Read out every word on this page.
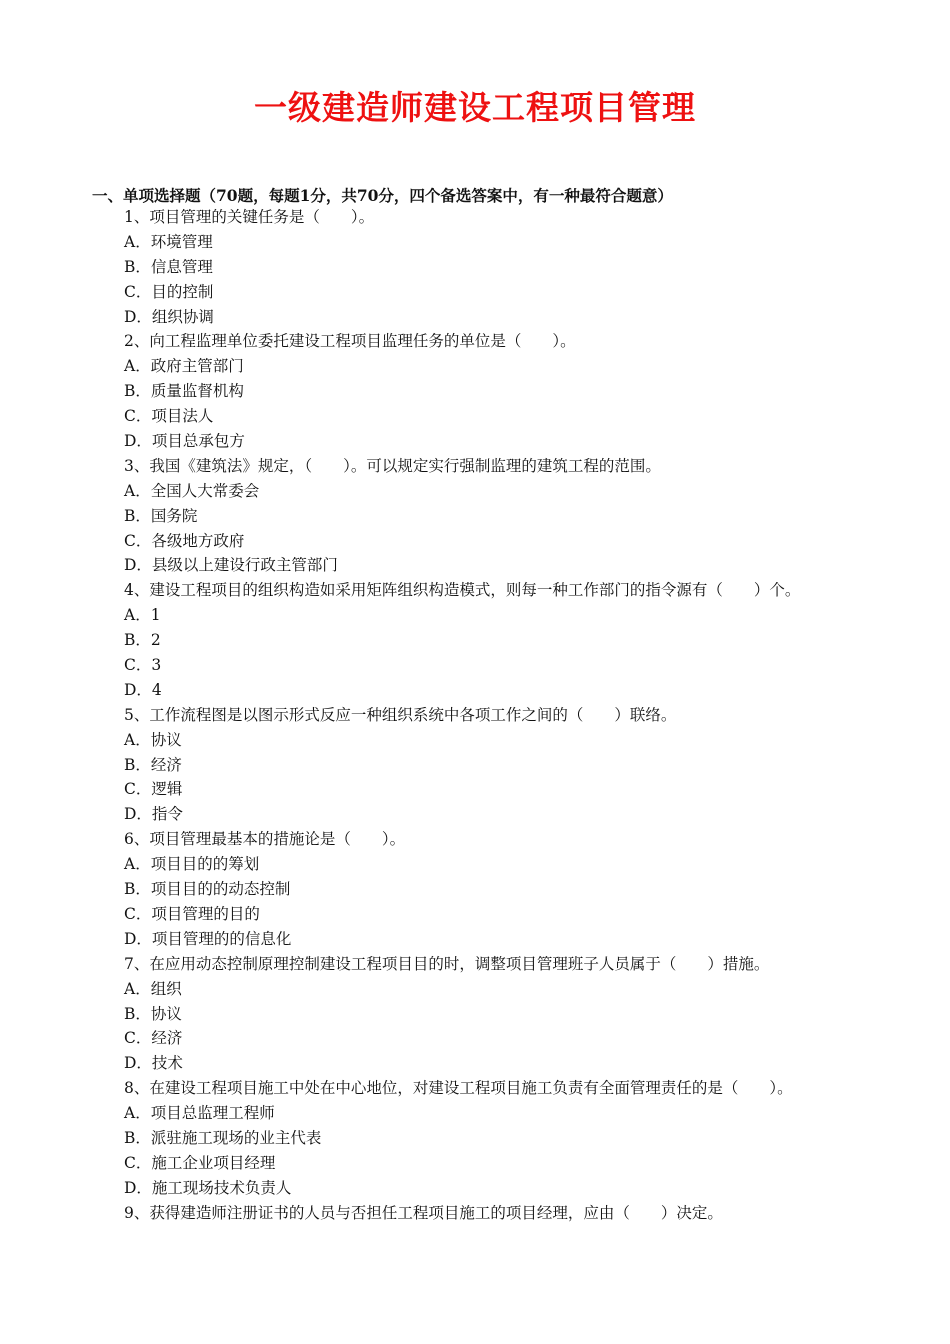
一级建造师建设工程项目管理
一、单项选择题（70题，每题1分，共70分，四个备选答案中，有一种最符合题意）
1、项目管理的关键任务是（　　）。
A．环境管理
B．信息管理
C．目的控制
D．组织协调
2、向工程监理单位委托建设工程项目监理任务的单位是（　　）。
A．政府主管部门
B．质量监督机构
C．项目法人
D．项目总承包方
3、我国《建筑法》规定，（　　）。可以规定实行强制监理的建筑工程的范围。
A．全国人大常委会
B．国务院
C．各级地方政府
D．县级以上建设行政主管部门
4、建设工程项目的组织构造如采用矩阵组织构造模式，则每一种工作部门的指令源有（　　）个。
A．1
B．2
C．3
D．4
5、工作流程图是以图示形式反应一种组织系统中各项工作之间的（　　）联络。
A．协议
B．经济
C．逻辑
D．指令
6、项目管理最基本的措施论是（　　）。
A．项目目的的筹划
B．项目目的的动态控制
C．项目管理的目的
D．项目管理的的信息化
7、在应用动态控制原理控制建设工程项目目的时，调整项目管理班子人员属于（　　）措施。
A．组织
B．协议
C．经济
D．技术
8、在建设工程项目施工中处在中心地位，对建设工程项目施工负责有全面管理责任的是（　　）。
A．项目总监理工程师
B．派驻施工现场的业主代表
C．施工企业项目经理
D．施工现场技术负责人
9、获得建造师注册证书的人员与否担任工程项目施工的项目经理，应由（　　）决定。
